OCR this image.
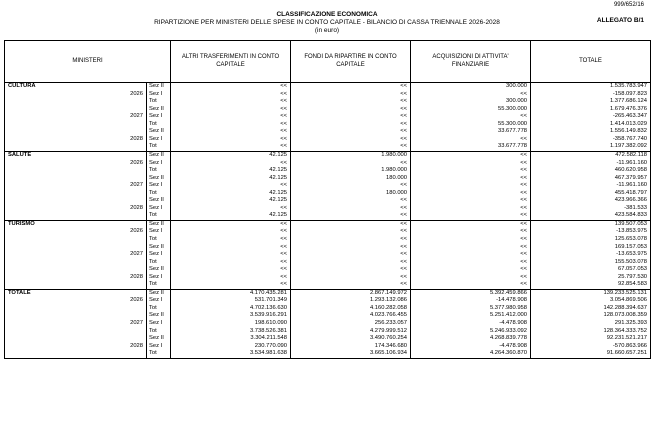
999/652/16
ALLEGATO B/1
CLASSIFICAZIONE ECONOMICA
RIPARTIZIONE PER MINISTERI DELLE SPESE IN CONTO CAPITALE - BILANCIO DI CASSA TRIENNALE 2026-2028
(in euro)
MINISTERI			ALTRI TRASFERIMENTI IN CONTO CAPITALE	FONDI DA RIPARTIRE IN CONTO CAPITALE	ACQUISIZIONI DI ATTIVITA' FINANZIARIE	TOTALE
CULTURA		Sez II	<<	<<	300.000	1.535.783.947
	2026	Sez I	<<	<<	<<	-158.097.823
		Tot	<<	<<	300.000	1.377.686.124
		Sez II	<<	<<	55.300.000	1.679.476.376
	2027	Sez I	<<	<<	<<	-265.463.347
		Tot	<<	<<	55.300.000	1.414.013.029
		Sez II	<<	<<	33.677.778	1.556.149.832
	2028	Sez I	<<	<<	<<	-358.767.740
		Tot	<<	<<	33.677.778	1.197.382.092
SALUTE		Sez II	42.125	1.980.000	<<	472.582.118
	2026	Sez I	<<	<<	<<	-11.961.160
		Tot	42.125	1.980.000	<<	460.620.958
		Sez II	42.125	180.000	<<	467.379.957
	2027	Sez I	<<	<<	<<	-11.961.160
		Tot	42.125	180.000	<<	455.418.797
		Sez II	42.125	<<	<<	423.966.366
	2028	Sez I	<<	<<	<<	-381.533
		Tot	42.125	<<	<<	423.584.833
TURISMO		Sez II	<<	<<	<<	139.507.053
	2026	Sez I	<<	<<	<<	-13.853.975
		Tot	<<	<<	<<	125.653.078
		Sez II	<<	<<	<<	169.157.053
	2027	Sez I	<<	<<	<<	-13.653.975
		Tot	<<	<<	<<	155.503.078
		Sez II	<<	<<	<<	67.057.053
	2028	Sez I	<<	<<	<<	25.797.530
		Tot	<<	<<	<<	92.854.583
TOTALE		Sez II	4.170.435.281	2.867.149.972	5.392.459.866	139.233.525.131
	2026	Sez I	531.701.349	1.293.132.086	-14.478.908	3.054.869.506
		Tot	4.702.136.630	4.160.282.058	5.377.980.958	142.288.394.637
		Sez II	3.539.916.291	4.023.766.455	5.251.412.000	128.073.008.359
	2027	Sez I	198.610.090	256.233.057	-4.478.908	291.325.393
		Tot	3.738.526.381	4.279.999.512	5.246.933.092	128.364.333.752
		Sez II	3.304.211.548	3.490.760.254	4.268.839.778	92.231.521.217
	2028	Sez I	230.770.090	174.346.680	-4.478.908	-570.863.966
		Tot	3.534.981.638	3.665.106.934	4.264.360.870	91.660.657.251
